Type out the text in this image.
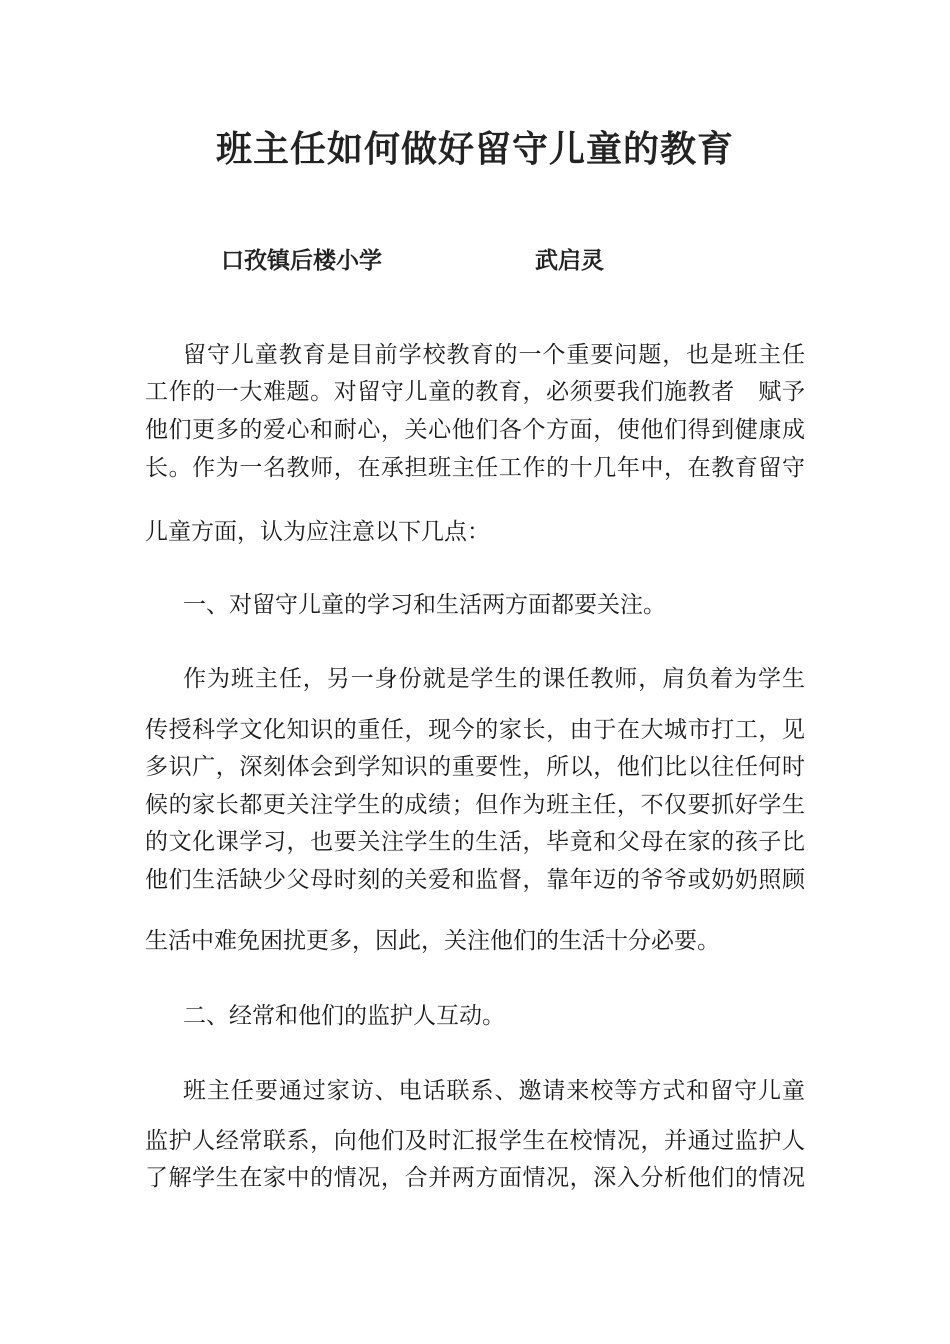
班主任如何做好留守儿童的教育
口孜镇后楼小学	武启灵
留守儿童教育是目前学校教育的一个重要问题，也是班主任
工作的一大难题。对留守儿童的教育，必须要我们施教者　赋予
他们更多的爱心和耐心，关心他们各个方面，使他们得到健康成
长。作为一名教师，在承担班主任工作的十几年中，在教育留守
儿童方面，认为应注意以下几点：
一、对留守儿童的学习和生活两方面都要关注。
作为班主任，另一身份就是学生的课任教师，肩负着为学生
传授科学文化知识的重任，现今的家长，由于在大城市打工，见
多识广，深刻体会到学知识的重要性，所以，他们比以往任何时
候的家长都更关注学生的成绩；但作为班主任，不仅要抓好学生
的文化课学习，也要关注学生的生活，毕竟和父母在家的孩子比
他们生活缺少父母时刻的关爱和监督，靠年迈的爷爷或奶奶照顾
生活中难免困扰更多，因此，关注他们的生活十分必要。
二、经常和他们的监护人互动。
班主任要通过家访、电话联系、邀请来校等方式和留守儿童
监护人经常联系，向他们及时汇报学生在校情况，并通过监护人
了解学生在家中的情况，合并两方面情况，深入分析他们的情况
